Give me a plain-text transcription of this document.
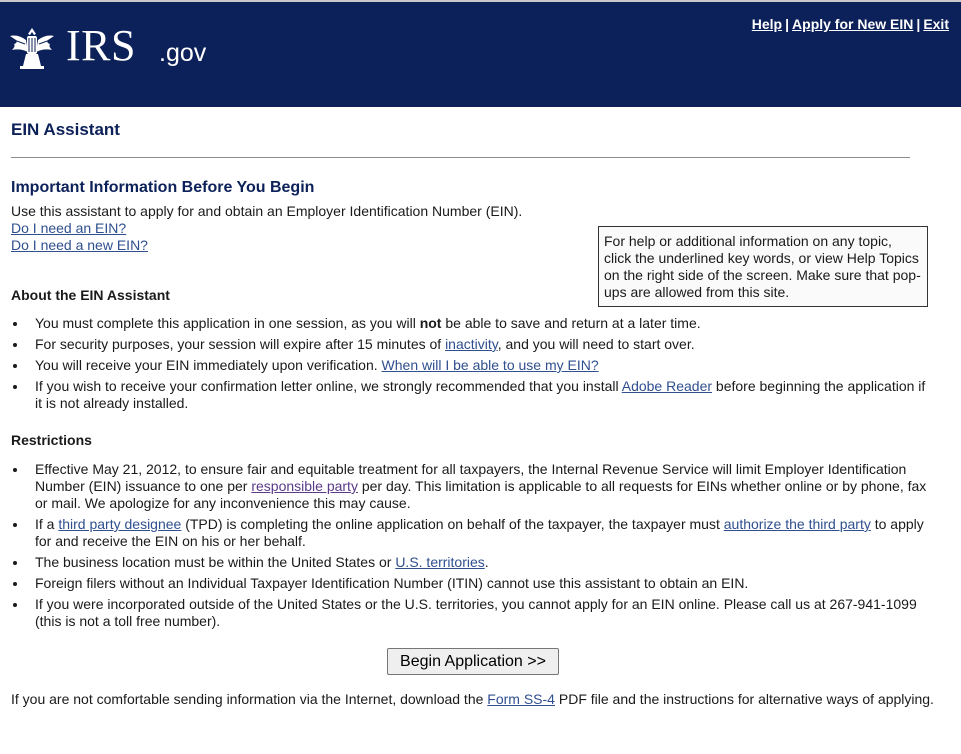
IRS .gov
Help | Apply for New EIN | Exit
EIN Assistant
Important Information Before You Begin
Use this assistant to apply for and obtain an Employer Identification Number (EIN).
Do I need an EIN?
Do I need a new EIN?	For help or additional information on any topic, click the underlined key words, or view Help Topics on the right side of the screen. Make sure that pop-ups are allowed from this site.
About the EIN Assistant
You must complete this application in one session, as you will not be able to save and return at a later time.
For security purposes, your session will expire after 15 minutes of inactivity, and you will need to start over.
You will receive your EIN immediately upon verification. When will I be able to use my EIN?
If you wish to receive your confirmation letter online, we strongly recommended that you install Adobe Reader before beginning the application if it is not already installed.
Restrictions
Effective May 21, 2012, to ensure fair and equitable treatment for all taxpayers, the Internal Revenue Service will limit Employer Identification Number (EIN) issuance to one per responsible party per day. This limitation is applicable to all requests for EINs whether online or by phone, fax or mail. We apologize for any inconvenience this may cause.
If a third party designee (TPD) is completing the online application on behalf of the taxpayer, the taxpayer must authorize the third party to apply for and receive the EIN on his or her behalf.
The business location must be within the United States or U.S. territories.
Foreign filers without an Individual Taxpayer Identification Number (ITIN) cannot use this assistant to obtain an EIN.
If you were incorporated outside of the United States or the U.S. territories, you cannot apply for an EIN online. Please call us at 267-941-1099 (this is not a toll free number).
Begin Application >>
If you are not comfortable sending information via the Internet, download the Form SS-4 PDF file and the instructions for alternative ways of applying.
